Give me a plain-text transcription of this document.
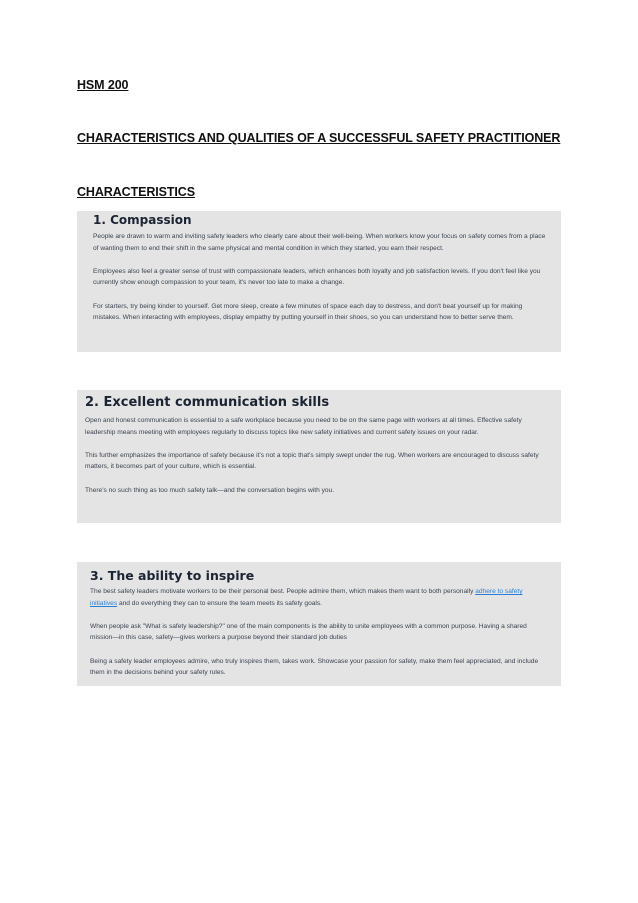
HSM 200
CHARACTERISTICS AND QUALITIES OF A SUCCESSFUL SAFETY PRACTITIONER
CHARACTERISTICS
1. Compassion

People are drawn to warm and inviting safety leaders who clearly care about their well-being. When workers know your focus on safety comes from a place of wanting them to end their shift in the same physical and mental condition in which they started, you earn their respect.

Employees also feel a greater sense of trust with compassionate leaders, which enhances both loyalty and job satisfaction levels. If you don't feel like you currently show enough compassion to your team, it's never too late to make a change.

For starters, try being kinder to yourself. Get more sleep, create a few minutes of space each day to destress, and don't beat yourself up for making mistakes. When interacting with employees, display empathy by putting yourself in their shoes, so you can understand how to better serve them.

2. Excellent communication skills

Open and honest communication is essential to a safe workplace because you need to be on the same page with workers at all times. Effective safety leadership means meeting with employees regularly to discuss topics like new safety initiatives and current safety issues on your radar.

This further emphasizes the importance of safety because it's not a topic that's simply swept under the rug. When workers are encouraged to discuss safety matters, it becomes part of your culture, which is essential.

There's no such thing as too much safety talk—and the conversation begins with you.

3. The ability to inspire

The best safety leaders motivate workers to be their personal best. People admire them, which makes them want to both personally adhere to safety initiatives and do everything they can to ensure the team meets its safety goals.

When people ask "What is safety leadership?" one of the main components is the ability to unite employees with a common purpose. Having a shared mission—in this case, safety—gives workers a purpose beyond their standard job duties

Being a safety leader employees admire, who truly inspires them, takes work. Showcase your passion for safety, make them feel appreciated, and include them in the decisions behind your safety rules.
